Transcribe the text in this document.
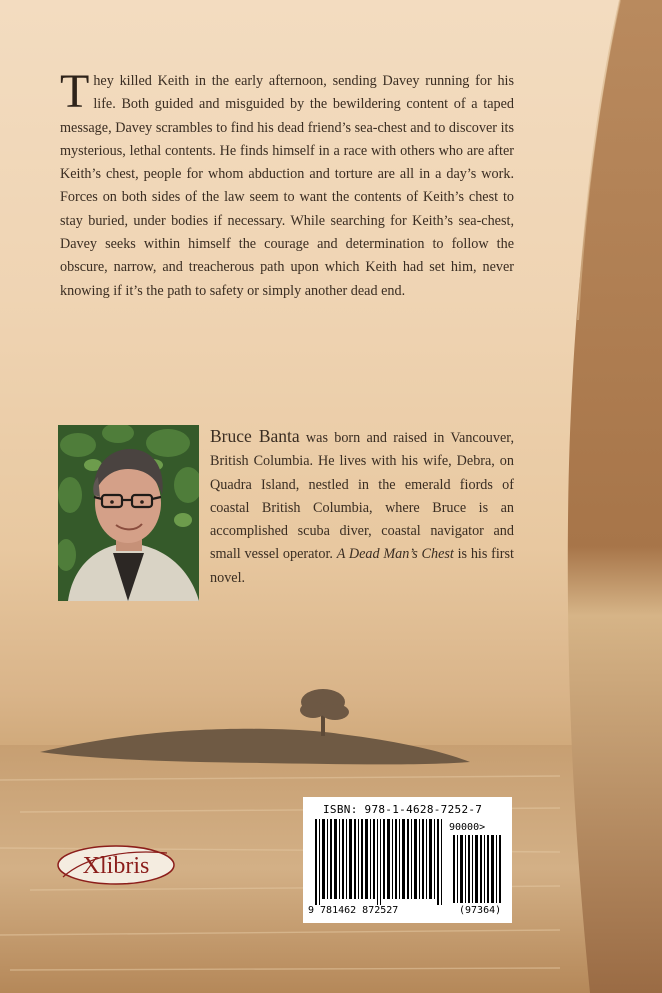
They killed Keith in the early afternoon, sending Davey running for his life. Both guided and misguided by the bewildering content of a taped message, Davey scrambles to find his dead friend’s sea-chest and to discover its mysterious, lethal contents. He finds himself in a race with others who are after Keith’s chest, people for whom abduction and torture are all in a day’s work. Forces on both sides of the law seem to want the contents of Keith’s chest to stay buried, under bodies if necessary. While searching for Keith’s sea-chest, Davey seeks within himself the courage and determination to follow the obscure, narrow, and treacherous path upon which Keith had set him, never knowing if it’s the path to safety or simply another dead end.

Bruce Banta was born and raised in Vancouver, British Columbia. He lives with his wife, Debra, on Quadra Island, nestled in the emerald fiords of coastal British Columbia, where Bruce is an accomplished scuba diver, coastal navigator and small vessel operator. A Dead Man’s Chest is his first novel.

Xlibris
ISBN: 978-1-4628-7252-7
90000>
9 781462 872527	(97364)
